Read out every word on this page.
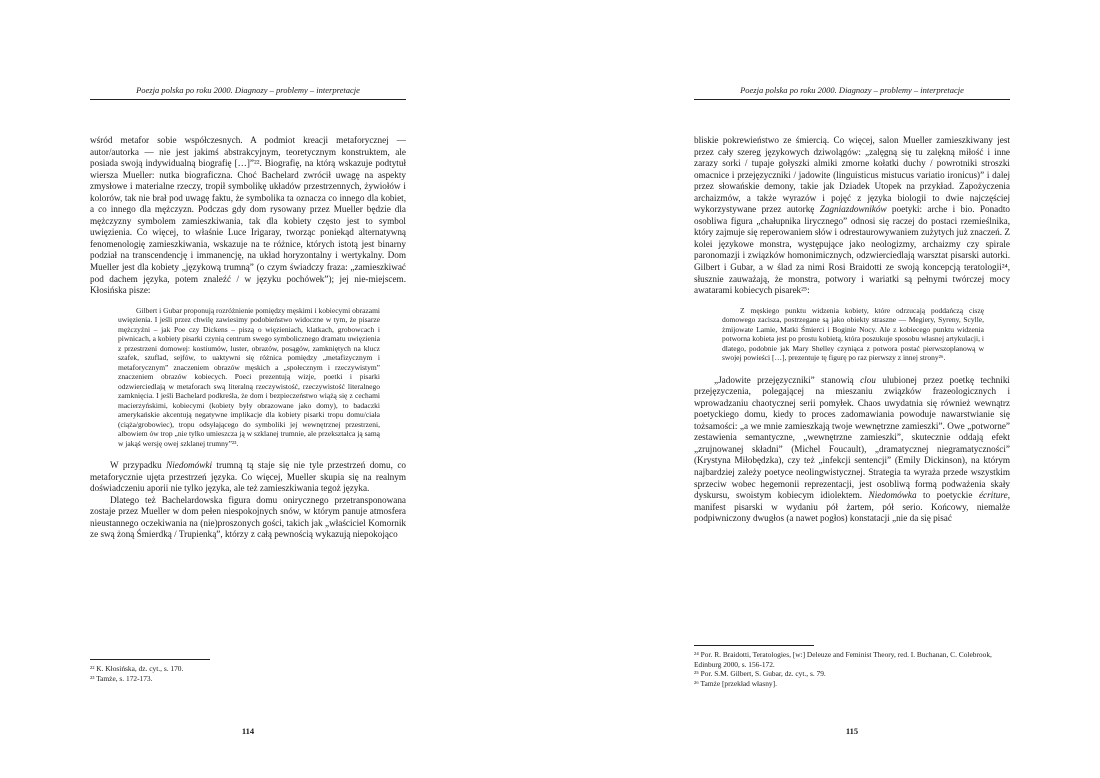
Poezja polska po roku 2000. Diagnozy – problemy – interpretacje

wśród metafor sobie współczesnych. A podmiot kreacji metaforycznej — autor/autorka — nie jest jakimś abstrakcyjnym, teoretycznym konstruktem, ale posiada swoją indywidualną biografię […]”²². Biografię, na którą wskazuje podtytuł wiersza Mueller: nutka biograficzna. Choć Bachelard zwrócił uwagę na aspekty zmysłowe i materialne rzeczy, tropił symbolikę układów przestrzennych, żywiołów i kolorów, tak nie brał pod uwagę faktu, że symbolika ta oznacza co innego dla kobiet, a co innego dla mężczyzn. Podczas gdy dom rysowany przez Mueller będzie dla mężczyzny symbolem zamieszkiwania, tak dla kobiety często jest to symbol uwięzienia. Co więcej, to właśnie Luce Irigaray, tworząc poniekąd alternatywną fenomenologię zamieszkiwania, wskazuje na te różnice, których istotą jest binarny podział na transcendencję i immanencję, na układ horyzontalny i wertykalny. Dom Mueller jest dla kobiety „językową trumną” (o czym świadczy fraza: „zamieszkiwać pod dachem języka, potem znaleźć / w języku pochówek”); jej nie-miejscem. Kłosińska pisze:

Gilbert i Gubar proponują rozróżnienie pomiędzy męskimi i kobiecymi obrazami uwięzienia. I jeśli przez chwilę zawiesimy podobieństwo widoczne w tym, że pisarze mężczyźni – jak Poe czy Dickens – piszą o więzieniach, klatkach, grobowcach i piwnicach, a kobiety pisarki czynią centrum swego symbolicznego dramatu uwięzienia z przestrzeni domowej: kostiumów, luster, obrazów, posągów, zamkniętych na klucz szafek, szuflad, sejfów, to uaktywni się różnica pomiędzy „metafizycznym i metaforycznym” znaczeniem obrazów męskich a „społecznym i rzeczywistym” znaczeniem obrazów kobiecych. Poeci prezentują wizje, poetki i pisarki odzwierciedlają w metaforach swą literalną rzeczywistość, rzeczywistość literalnego zamknięcia. I jeśli Bachelard podkreśla, że dom i bezpieczeństwo wiążą się z cechami macierzyńskimi, kobiecymi (kobiety były obrazowane jako domy), to badaczki amerykańskie akcentują negatywne implikacje dla kobiety pisarki tropu domu/ciała (ciąża/grobowiec), tropu odsyłającego do symboliki jej wewnętrznej przestrzeni, albowiem ów trop „nie tylko umieszcza ją w szklanej trumnie, ale przekształca ją samą w jakąś wersję owej szklanej trumny”²³.

W przypadku Niedomówki trumną tą staje się nie tyle przestrzeń domu, co metaforycznie ujęta przestrzeń języka. Co więcej, Mueller skupia się na realnym doświadczeniu aporii nie tylko języka, ale też zamieszkiwania tegoż języka.

Dlatego też Bachelardowska figura domu onirycznego przetransponowana zostaje przez Mueller w dom pełen niespokojnych snów, w którym panuje atmosfera nieustannego oczekiwania na (nie)proszonych gości, takich jak „właściciel Komornik ze swą żoną Śmierdką / Trupienką”, którzy z całą pewnością wykazują niepokojąco

²² K. Kłosińska, dz. cyt., s. 170.

²³ Tamże, s. 172-173.

114
Poezja polska po roku 2000. Diagnozy – problemy – interpretacje

bliskie pokrewieństwo ze śmiercią. Co więcej, salon Mueller zamieszkiwany jest przez cały szereg językowych dziwolągów: „zalęgną się tu zalękną miłość i inne zarazy sorki / tupaje gołyszki almiki zmorne kołatki duchy / powrotniki stroszki omacnice i przejęzyczniki / jadowite (linguisticus mistucus variatio ironicus)” i dalej przez słowańskie demony, takie jak Dziadek Utopek na przykład. Zapożyczenia archaizmów, a także wyrazów i pojęć z języka biologii to dwie najczęściej wykorzystywane przez autorkę Zagniazdowników poetyki: arche i bio. Ponadto osobliwa figura „chałupnika lirycznego” odnosi się raczej do postaci rzemieślnika, który zajmuje się reperowaniem słów i odrestaurowywaniem zużytych już znaczeń. Z kolei językowe monstra, występujące jako neologizmy, archaizmy czy spirale paronomazji i związków homonimicznych, odzwierciedlają warsztat pisarski autorki. Gilbert i Gubar, a w ślad za nimi Rosi Braidotti ze swoją koncepcją teratologii²⁴, słusznie zauważają, że monstra, potwory i wariatki są pełnymi twórczej mocy awatarami kobiecych pisarek²⁵:

Z męskiego punktu widzenia kobiety, które odrzucają poddańczą ciszę domowego zacisza, postrzegane są jako obiekty straszne — Megiery, Syreny, Scylle, żmijowate Lamie, Matki Śmierci i Boginie Nocy. Ale z kobiecego punktu widzenia potworna kobieta jest po prostu kobietą, która poszukuje sposobu własnej artykulacji, i dlatego, podobnie jak Mary Shelley czyniąca z potwora postać pierwszoplanową w swojej powieści […], prezentuje tę figurę po raz pierwszy z innej strony²⁶.

„Jadowite przejęzyczniki” stanowią clou ulubionej przez poetkę techniki przejęzyczenia, polegającej na mieszaniu związków frazeologicznych i wprowadzaniu chaotycznej serii pomyłek. Chaos uwydatnia się również wewnątrz poetyckiego domu, kiedy to proces zadomawiania powoduje nawarstwianie się tożsamości: „a we mnie zamieszkają twoje wewnętrzne zamieszki”. Owe „potworne” zestawienia semantyczne, „wewnętrzne zamieszki”, skutecznie oddają efekt „zrujnowanej składni” (Michel Foucault), „dramatycznej niegramatyczności” (Krystyna Miłobędzka), czy też „infekcji sentencji” (Emily Dickinson), na którym najbardziej zależy poetyce neolingwistycznej. Strategia ta wyraża przede wszystkim sprzeciw wobec hegemonii reprezentacji, jest osobliwą formą podważenia skały dyskursu, swoistym kobiecym idiolektem. Niedomówka to poetyckie écriture, manifest pisarski w wydaniu pół żartem, pół serio. Końcowy, niemalże podpiwniczony dwugłos (a nawet pogłos) konstatacji „nie da się pisać

²⁴ Por. R. Braidotti, Teratologies, [w:] Deleuze and Feminist Theory, red. I. Buchanan, C. Colebrook, Edinburg 2000, s. 156-172.

²⁵ Por. S.M. Gilbert, S. Gubar, dz. cyt., s. 79.

²⁶ Tamże [przekład własny].

115
